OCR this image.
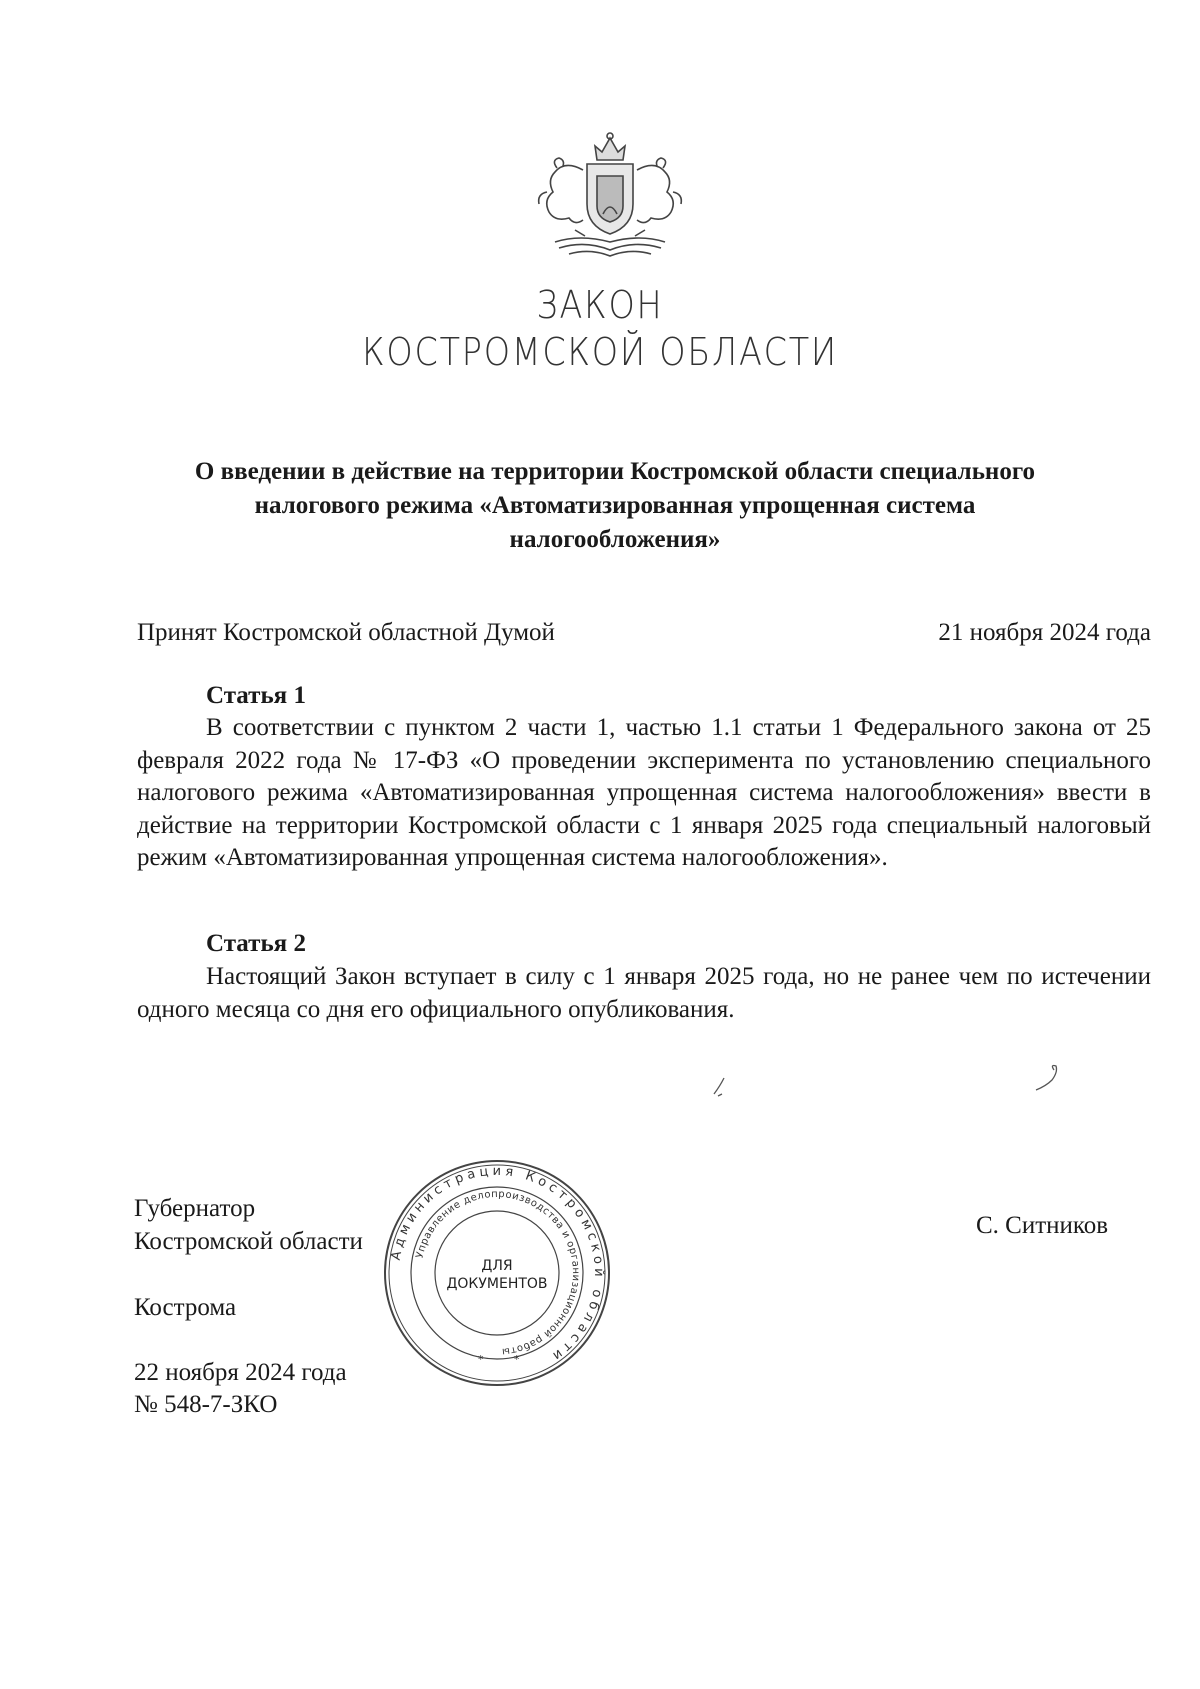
ЗАКОН
КОСТРОМСКОЙ ОБЛАСТИ
О введении в действие на территории Костромской области специального
налогового режима «Автоматизированная упрощенная система
налогообложения»
Принят Костромской областной Думой	21 ноября 2024 года
Статья 1
В соответствии с пунктом 2 части 1, частью 1.1 статьи 1 Федерального закона от 25 февраля 2022 года № 17-ФЗ «О проведении эксперимента по установлению специального налогового режима «Автоматизированная упрощенная система налогообложения» ввести в действие на территории Костромской области с 1 января 2025 года специальный налоговый режим «Автоматизированная упрощенная система налогообложения».
Статья 2
Настоящий Закон вступает в силу с 1 января 2025 года, но не ранее чем по истечении одного месяца со дня его официального опубликования.
Губернатор
Костромской области
С. Ситников
Кострома
22 ноября 2024 года
№ 548-7-ЗКО
Администрация Костромской области
Управление делопроизводства и организационной работы
ДЛЯ
ДОКУМЕНТОВ
*	*
